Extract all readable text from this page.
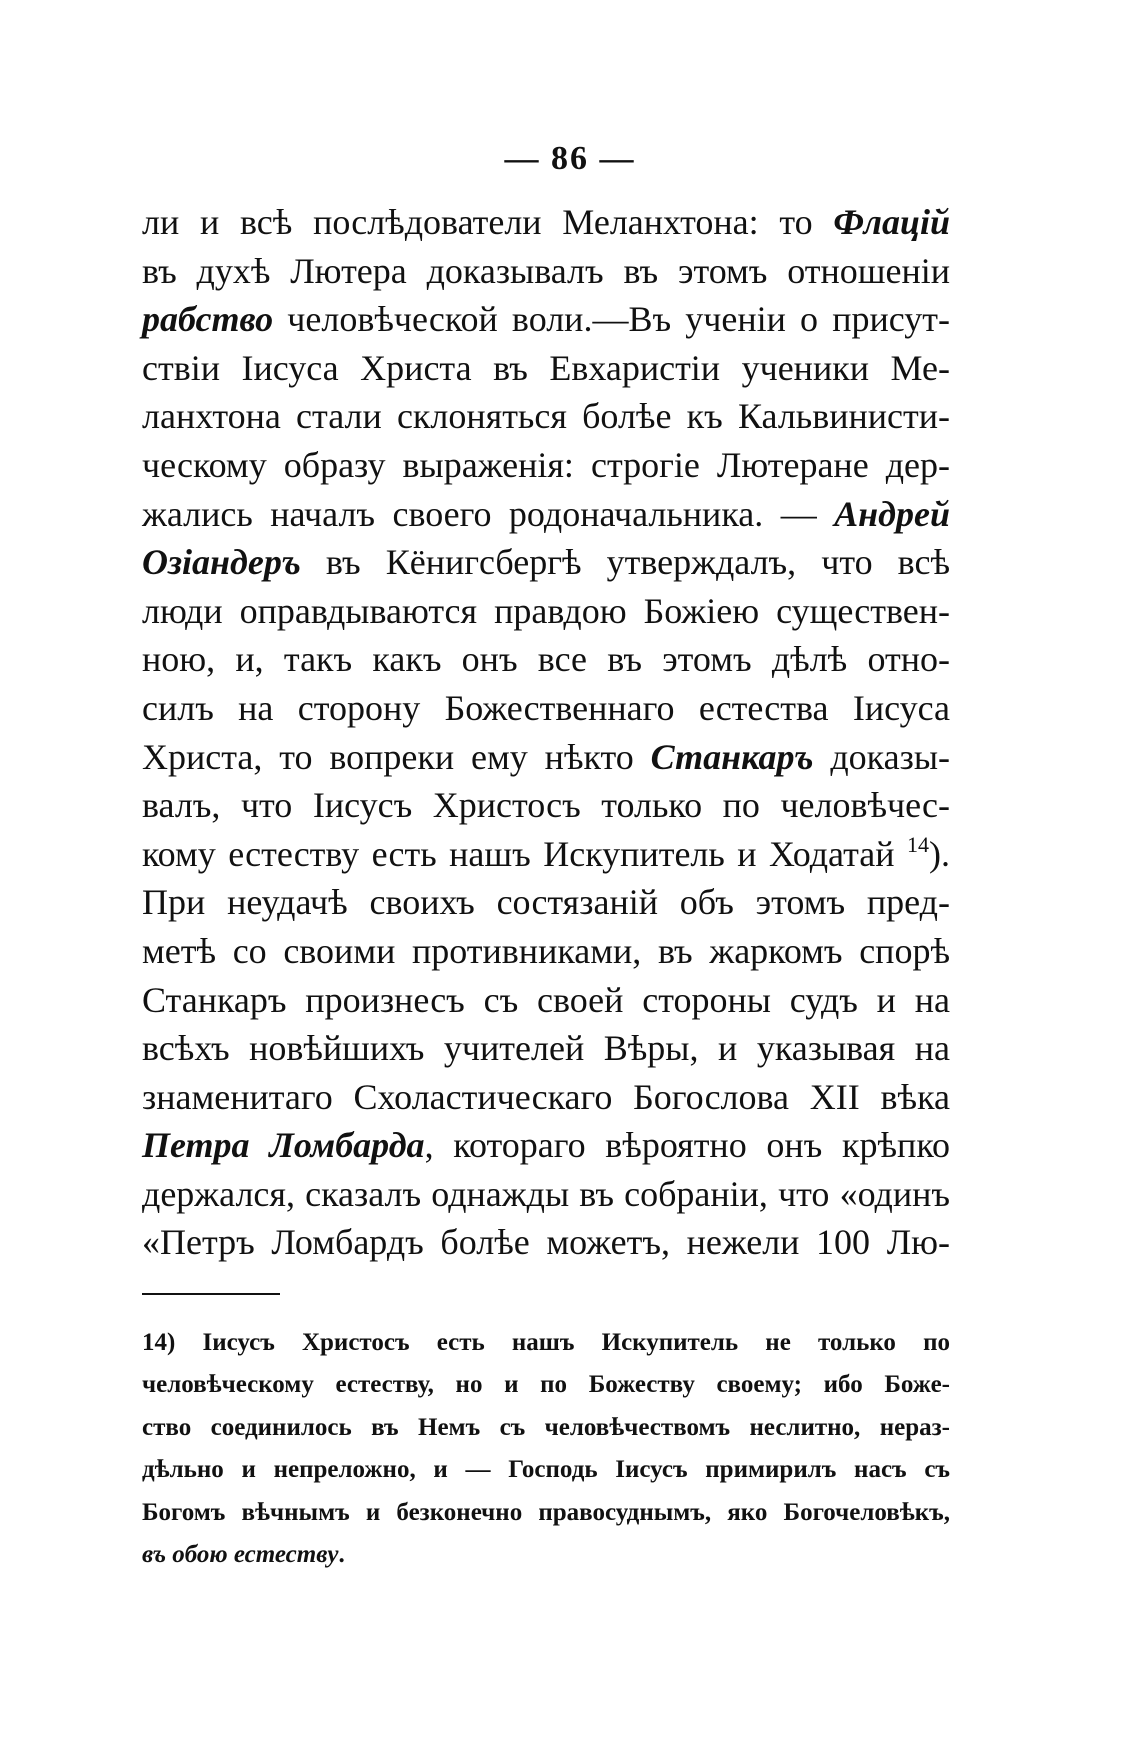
— 86 —
ли и всѣ послѣдователи Меланхтона: то Флацій
въ духѣ Лютера доказывалъ въ этомъ отношеніи
рабство человѣческой воли.—Въ ученіи о присут-
ствіи Іисуса Христа въ Евхаристіи ученики Ме-
ланхтона стали склоняться болѣе къ Кальвинисти-
ческому образу выраженія: строгіе Лютеране дер-
жались началъ своего родоначальника. — Андрей
Озіандеръ въ Кёнигсбергѣ утверждалъ, что всѣ
люди оправдываются правдою Божіею существен-
ною, и, такъ какъ онъ все въ этомъ дѣлѣ отно-
силъ на сторону Божественнаго естества Іисуса
Христа, то вопреки ему нѣкто Станкаръ доказы-
валъ, что Іисусъ Христосъ только по человѣчес-
кому естеству есть нашъ Искупитель и Ходатай $^{14}$).
При неудачѣ своихъ состязаній объ этомъ пред-
метѣ со своими противниками, въ жаркомъ спорѣ
Станкаръ произнесъ съ своей стороны судъ и на
всѣхъ новѣйшихъ учителей Вѣры, и указывая на
знаменитаго Схоластическаго Богослова XII вѣка
Петра Ломбарда, котораго вѣроятно онъ крѣпко
держался, сказалъ однажды въ собраніи, что «одинъ
«Петръ Ломбардъ болѣе можетъ, нежели 100 Лю-
14) Іисусъ Христосъ есть нашъ Искупитель не только по
человѣческому естеству, но и по Божеству своему; ибо Боже-
ство соединилось въ Немъ съ человѣчествомъ неслитно, нераз-
дѣльно и непреложно, и — Господь Іисусъ примирилъ насъ съ
Богомъ вѣчнымъ и безконечно правосуднымъ, яко Богочеловѣкъ,
въ обою естеству.
